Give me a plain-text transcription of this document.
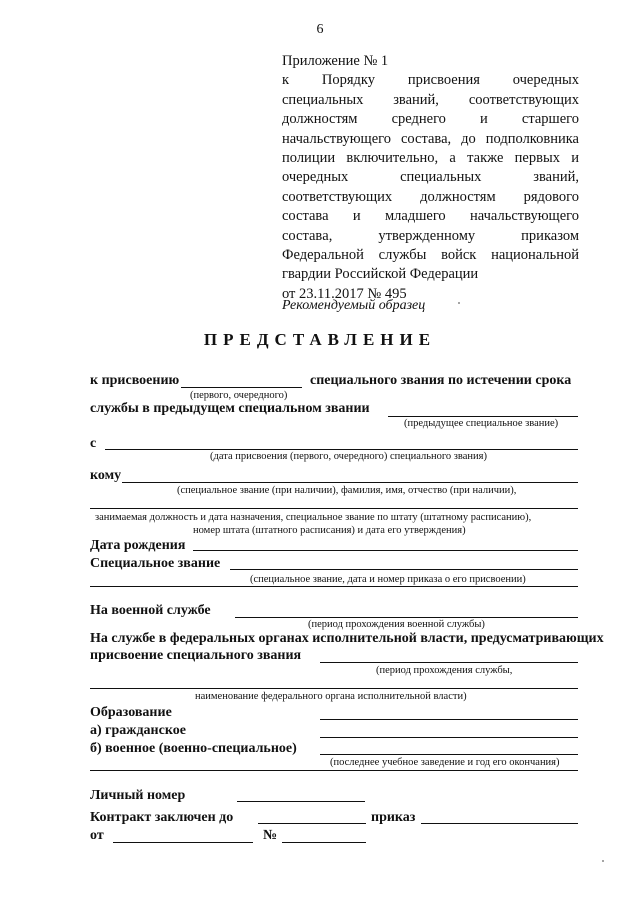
6
Приложение № 1
к Порядку присвоения очередных
специальных званий, соответствующих
должностям среднего и старшего
начальствующего состава, до подполковника
полиции включительно, а также первых и
очередных специальных званий,
соответствующих должностям рядового
состава и младшего начальствующего
составa, утвержденному приказом
Федеральной службы войск национальной
гвардии Российской Федерации
от 23.11.2017 № 495
Рекомендуемый образец
ПРЕДСТАВЛЕНИЕ
к присвоению	специального звания по истечении срока
(первого, очередного)
службы в предыдущем специальном звании
(предыдущее специальное звание)
с
(дата присвоения (первого, очередного) специального звания)
кому
(специальное звание (при наличии), фамилия, имя, отчество (при наличии),
занимаемая должность и дата назначения, специальное звание по штату (штатному расписанию),
номер штата (штатного расписания) и дата его утверждения)
Дата рождения
Специальное звание
(специальное звание, дата и номер приказа о его присвоении)
На военной службе
(период прохождения военной службы)
На службе в федеральных органах исполнительной власти, предусматривающих
присвоение специального звания
(период прохождения службы,
наименование федерального органа исполнительной власти)
Образование
а) гражданское
б) военное (военно-специальное)
(последнее учебное заведение и год его окончания)
Личный номер
Контракт заключен до	приказ
от	№
